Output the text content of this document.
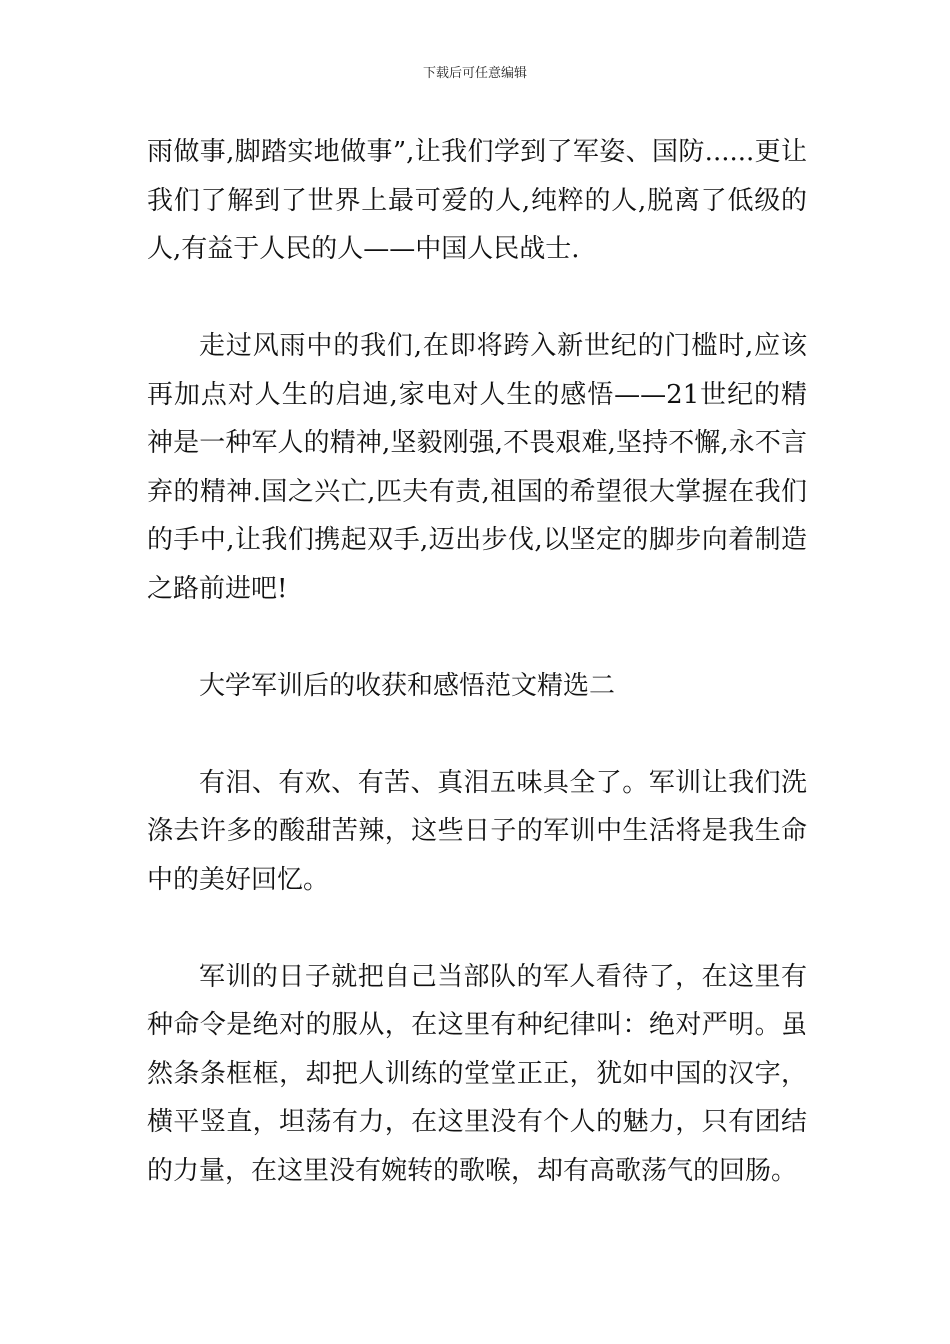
下载后可任意编辑

雨做事,脚踏实地做事”,让我们学到了军姿、国防......更让我们了解到了世界上最可爱的人,纯粹的人,脱离了低级的人,有益于人民的人——中国人民战士.

走过风雨中的我们,在即将跨入新世纪的门槛时,应该再加点对人生的启迪,家电对人生的感悟——21世纪的精神是一种军人的精神,坚毅刚强,不畏艰难,坚持不懈,永不言弃的精神.国之兴亡,匹夫有责,祖国的希望很大掌握在我们的手中,让我们携起双手,迈出步伐,以坚定的脚步向着制造之路前进吧!

大学军训后的收获和感悟范文精选二

有泪、有欢、有苦、真泪五味具全了。军训让我们洗涤去许多的酸甜苦辣，这些日子的军训中生活将是我生命中的美好回忆。

军训的日子就把自己当部队的军人看待了，在这里有种命令是绝对的服从，在这里有种纪律叫：绝对严明。虽然条条框框，却把人训练的堂堂正正，犹如中国的汉字，横平竖直，坦荡有力，在这里没有个人的魅力，只有团结的力量，在这里没有婉转的歌喉，却有高歌荡气的回肠。
